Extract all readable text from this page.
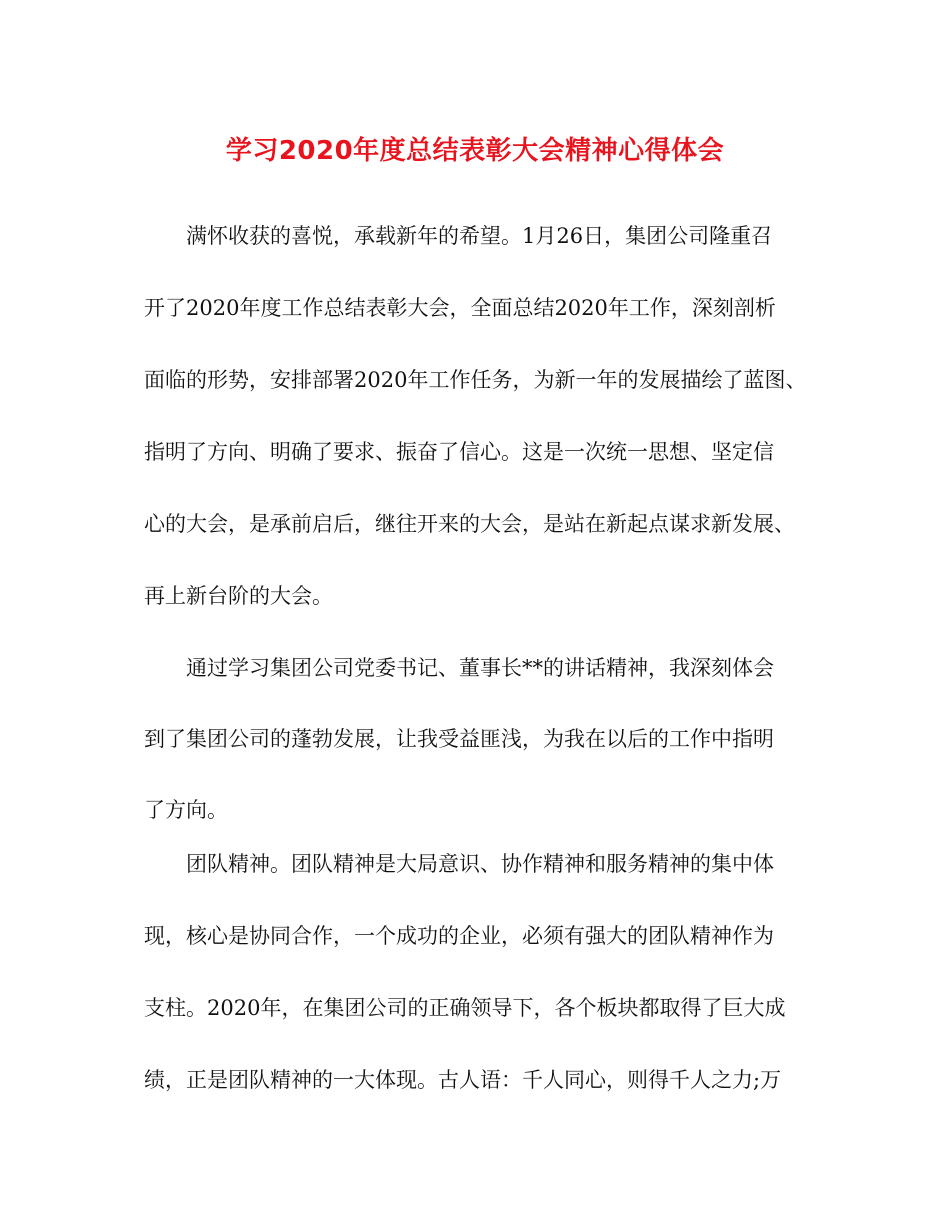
学习2020年度总结表彰大会精神心得体会
满怀收获的喜悦，承载新年的希望。1月26日，集团公司隆重召
开了2020年度工作总结表彰大会，全面总结2020年工作，深刻剖析
面临的形势，安排部署2020年工作任务，为新一年的发展描绘了蓝图、
指明了方向、明确了要求、振奋了信心。这是一次统一思想、坚定信
心的大会，是承前启后，继往开来的大会，是站在新起点谋求新发展、
再上新台阶的大会。
通过学习集团公司党委书记、董事长**的讲话精神，我深刻体会
到了集团公司的蓬勃发展，让我受益匪浅，为我在以后的工作中指明
了方向。
团队精神。团队精神是大局意识、协作精神和服务精神的集中体
现，核心是协同合作，一个成功的企业，必须有强大的团队精神作为
支柱。2020年，在集团公司的正确领导下，各个板块都取得了巨大成
绩，正是团队精神的一大体现。古人语：千人同心，则得千人之力;万
